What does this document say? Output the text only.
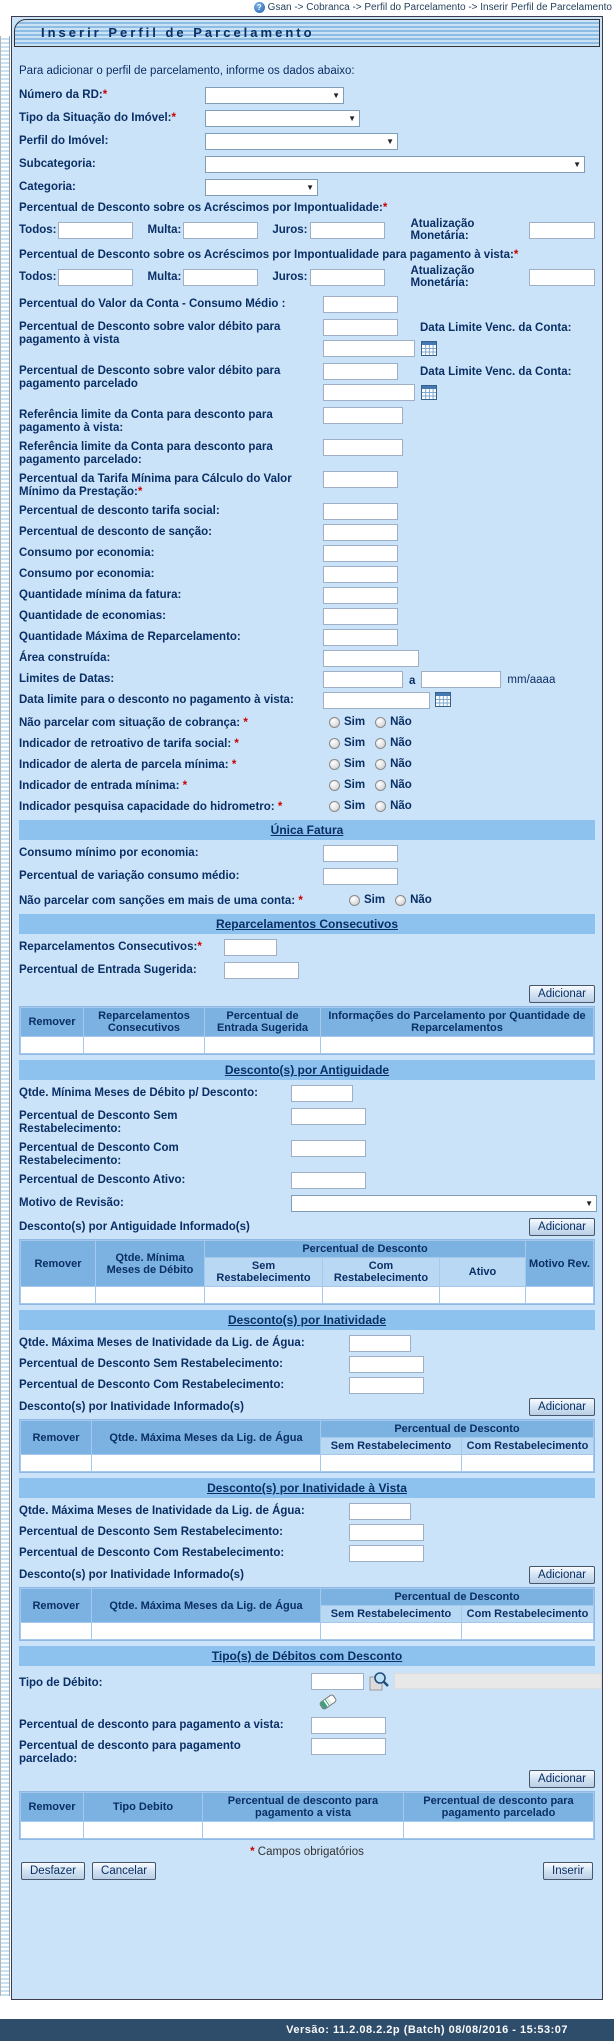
? Gsan -> Cobranca -> Perfil do Parcelamento -> Inserir Perfil de Parcelamento
Inserir Perfil de Parcelamento
Para adicionar o perfil de parcelamento, informe os dados abaixo:
Número da RD:*	▼
Tipo da Situação do Imóvel:*	▼
Perfil do Imóvel:	▼
Subcategoria:	▼
Categoria:	▼
Percentual de Desconto sobre os Acréscimos por Impontualidade:*
Todos:	Multa:	Juros:	Atualização Monetária:
Percentual de Desconto sobre os Acréscimos por Impontualidade para pagamento à vista:*
Todos:	Multa:	Juros:	Atualização Monetária:
Percentual do Valor da Conta - Consumo Médio :
Percentual de Desconto sobre valor débito para pagamento à vista
Data Limite Venc. da Conta:
Percentual de Desconto sobre valor débito para pagamento parcelado
Data Limite Venc. da Conta:
Referência limite da Conta para desconto para pagamento à vista:
Referência limite da Conta para desconto para pagamento parcelado:
Percentual da Tarifa Mínima para Cálculo do Valor Mínimo da Prestação:*
Percentual de desconto tarifa social:
Percentual de desconto de sanção:
Consumo por economia:
Consumo por economia:
Quantidade mínima da fatura:
Quantidade de economias:
Quantidade Máxima de Reparcelamento:
Área construída:
Limites de Datas:	a	mm/aaaa
Data limite para o desconto no pagamento à vista:
Não parcelar com situação de cobrança: *	Sim Não
Indicador de retroativo de tarifa social: *	Sim Não
Indicador de alerta de parcela mínima: *	Sim Não
Indicador de entrada mínima: *	Sim Não
Indicador pesquisa capacidade do hidrometro: *	Sim Não
Única Fatura
Consumo mínimo por economia:
Percentual de variação consumo médio:
Não parcelar com sanções em mais de uma conta: *	Sim Não
Reparcelamentos Consecutivos
Reparcelamentos Consecutivos:*
Percentual de Entrada Sugerida:
Adicionar
Remover	Reparcelamentos Consecutivos	Percentual de Entrada Sugerida	Informações do Parcelamento por Quantidade de Reparcelamentos

Desconto(s) por Antiguidade
Qtde. Mínima Meses de Débito p/ Desconto:
Percentual de Desconto Sem Restabelecimento:
Percentual de Desconto Com Restabelecimento:
Percentual de Desconto Ativo:
Motivo de Revisão:	▼
Desconto(s) por Antiguidade Informado(s)	Adicionar
Remover	Qtde. Mínima Meses de Débito	Percentual de Desconto			Motivo Rev.
		Sem Restabelecimento	Com Restabelecimento	Ativo	

Desconto(s) por Inatividade
Qtde. Máxima Meses de Inatividade da Lig. de Água:
Percentual de Desconto Sem Restabelecimento:
Percentual de Desconto Com Restabelecimento:
Desconto(s) por Inatividade Informado(s)	Adicionar
Remover	Qtde. Máxima Meses da Lig. de Água	Percentual de Desconto	
		Sem Restabelecimento	Com Restabelecimento

Desconto(s) por Inatividade à Vista
Qtde. Máxima Meses de Inatividade da Lig. de Água:
Percentual de Desconto Sem Restabelecimento:
Percentual de Desconto Com Restabelecimento:
Desconto(s) por Inatividade Informado(s)	Adicionar
Remover	Qtde. Máxima Meses da Lig. de Água	Percentual de Desconto	
		Sem Restabelecimento	Com Restabelecimento

Tipo(s) de Débitos com Desconto
Tipo de Débito:
Percentual de desconto para pagamento a vista:
Percentual de desconto para pagamento parcelado:
Adicionar
Remover	Tipo Debito	Percentual de desconto para pagamento a vista	Percentual de desconto para pagamento parcelado

* Campos obrigatórios
Desfazer	Cancelar	Inserir
Versão: 11.2.08.2.2p (Batch) 08/08/2016 - 15:53:07
